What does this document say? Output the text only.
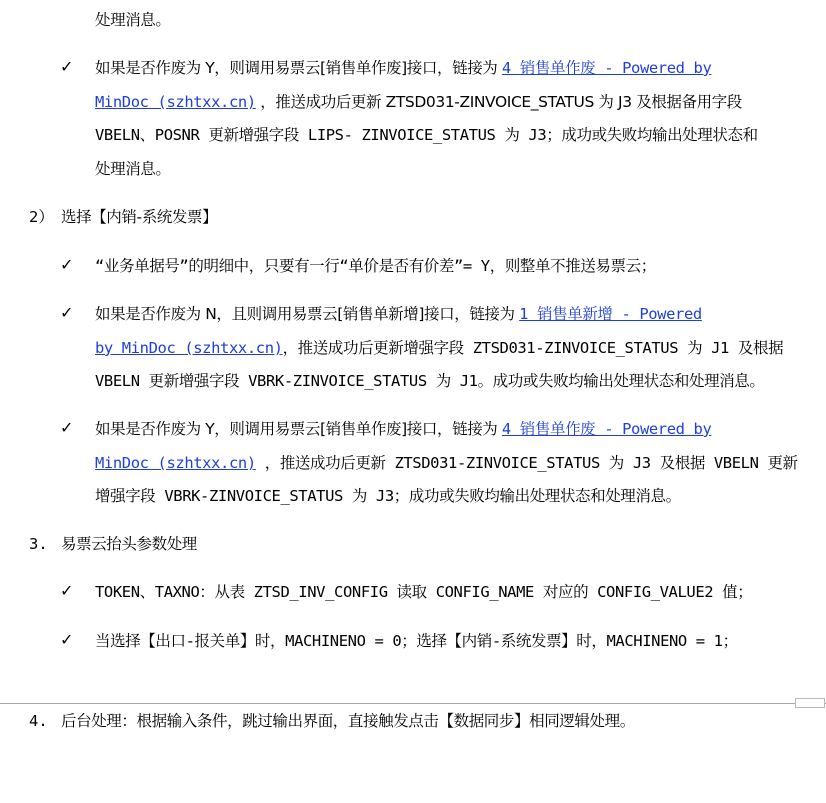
处理消息。
✓ 如果是否作废为 Y，则调用易票云[销售单作废]接口，链接为 4 销售单作废 - Powered by
MinDoc (szhtxx.cn) ，推送成功后更新 ZTSD031-ZINVOICE_STATUS 为 J3 及根据备用字段
VBELN、POSNR 更新增强字段 LIPS- ZINVOICE_STATUS 为 J3；成功或失败均输出处理状态和
处理消息。
2） 选择【内销-系统发票】
✓ “业务单据号”的明细中，只要有一行“单价是否有价差”= Y，则整单不推送易票云；
✓ 如果是否作废为 N，且则调用易票云[销售单新增]接口，链接为 1 销售单新增 - Powered
by MinDoc (szhtxx.cn)，推送成功后更新增强字段 ZTSD031-ZINVOICE_STATUS 为 J1 及根据
VBELN 更新增强字段 VBRK-ZINVOICE_STATUS 为 J1。成功或失败均输出处理状态和处理消息。
✓ 如果是否作废为 Y，则调用易票云[销售单作废]接口，链接为 4 销售单作废 - Powered by
MinDoc (szhtxx.cn) ，推送成功后更新 ZTSD031-ZINVOICE_STATUS 为 J3 及根据 VBELN 更新
增强字段 VBRK-ZINVOICE_STATUS 为 J3；成功或失败均输出处理状态和处理消息。
3. 易票云抬头参数处理
✓ TOKEN、TAXNO：从表 ZTSD_INV_CONFIG 读取 CONFIG_NAME 对应的 CONFIG_VALUE2 值；
✓ 当选择【出口-报关单】时，MACHINENO = 0；选择【内销-系统发票】时，MACHINENO = 1；
4. 后台处理：根据输入条件，跳过输出界面，直接触发点击【数据同步】相同逻辑处理。
